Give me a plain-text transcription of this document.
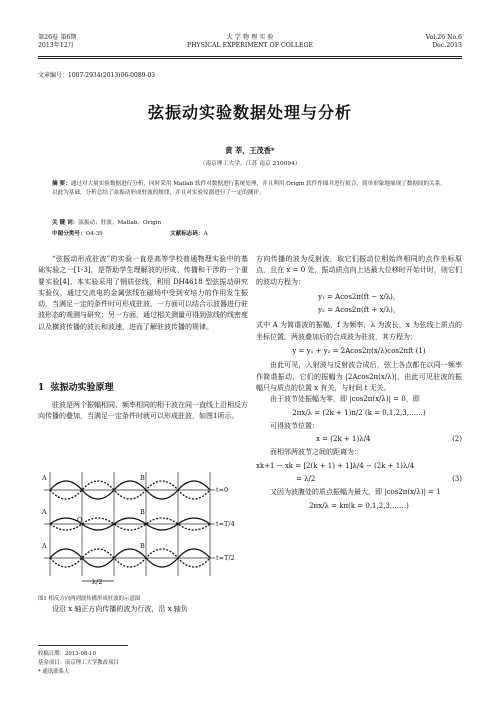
第26卷 第6期
2013年12月
大 学 物 理 实 验
PHYSICAL EXPERIMENT OF COLLEGE
Vol.26 No.6
Dec.2013
文章编号：1007-2934(2013)06-0089-03
弦振动实验数据处理与分析
黄 莘，王茂香*
（南京理工大学，江苏 南京 210094）
摘 要：通过对大量实验数据进行分析，同时采用 Matlab 软件对数据进行系统处理，并且利用 Origin 软件作图并进行拟合，简单形象地展现了数据间的关系。以此为基础，分析总结了弦振动形成驻波的规律，并且对实验仪器进行了一定的测评。
关 键 词：弦振动；驻波；Matlab；Origin
中图分类号：O4-39	文献标志码：A
“弦振动形成驻波”的实验一直是高等学校普通物理实验中的基础实验之一[1-3]，是帮助学生理解波的形成、传播和干涉的一个重要实验[4]。本实验采用了钢质弦线，利用 DH4618 型弦振动研究实验仪，通过交流电的金属弦线在磁场中受到安培力的作用发生振动，当满足一定的条件时可形成驻波，一方面可以结合示波器进行驻波形态的观测与研究；另一方面，通过相关测量可得到弦线的线密度以及横波传播的波长和波速，进而了解驻波传播的规律。
1 弦振动实验原理
驻波是两个振幅相同、频率相同的相干波在同一直线上沿相反方向传播的叠加，当满足一定条件时就可以形成驻波，如图1所示。
A
A
A
O
B
B
B
t=0
t=T/4
t=T/2
λ/2
图1 相反方向两列波传播形成驻波的示意图
设沿 x 轴正方向传播的波为行波，沿 x 轴负
收稿日期：2013-08-10
基金项目：南京理工大学教改项目
* 通讯联系人
方向传播的波为反射波，取它们振动位相始终相同的点作坐标原点，且在 x = 0 处，振动质点向上达最大位移时开始计时，则它们的波动方程为：
y₁ = Acos2π(ft − x/λ)，
y₂ = Acos2π(ft + x/λ)，
式中 A 为简谐波的振幅，f 为频率，λ 为波长，x 为弦线上质点的坐标位置。两波叠加后的合成波为驻波，其方程为：
y = y₁ + y₂ = 2Acos2π(x/λ)cos2πft (1)
由此可见，入射波与反射波合成后，弦上各点都在以同一频率作简谐振动，它们的振幅为 |2Acos2π(x/λ)|，由此可见驻波的振幅只与质点的位置 x 有关，与时间 t 无关。
由于波节处振幅为零，即 |cos2π(x/λ)| = 0，即
2πx/λ = (2k + 1)π/2 (k = 0,1,2,3,……)
可得波节位置：
x = (2k + 1)λ/4	(2)
而相邻两波节之间的距离为：
xk+1 − xk = [2(k + 1) + 1]λ/4 − (2k + 1)λ/4
= λ/2	(3)
又因为波腹处的质点振幅为最大，即 |cos2π(x/λ)| = 1
2πx/λ = kπ(k = 0,1,2,3,……)
